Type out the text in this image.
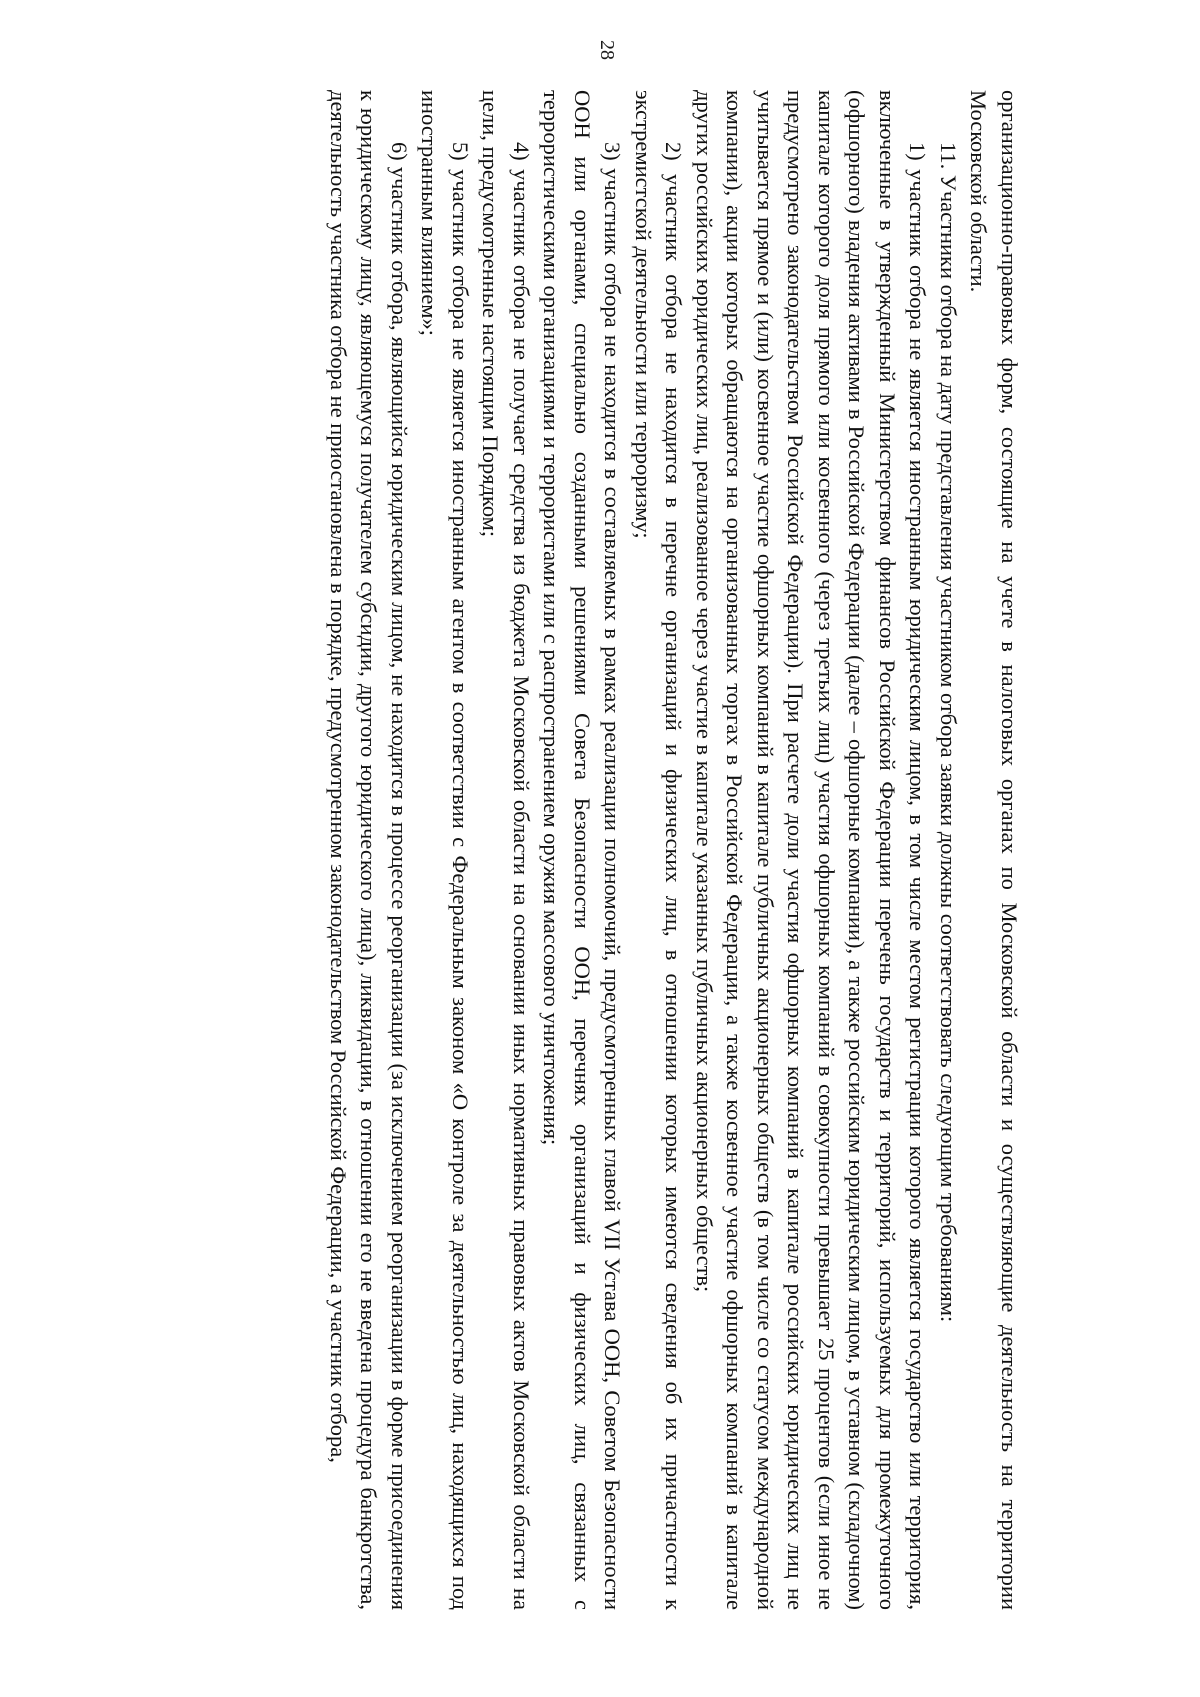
28

организационно-правовых форм, состоящие на учете в налоговых органах по Московской области и осуществляющие деятельность на территории Московской области.

11. Участники отбора на дату представления участником отбора заявки должны соответствовать следующим требованиям:

1) участник отбора не является иностранным юридическим лицом, в том числе местом регистрации которого является государство или территория, включенные в утвержденный Министерством финансов Российской Федерации перечень государств и территорий, используемых для промежуточного (офшорного) владения активами в Российской Федерации (далее – офшорные компании), а также российским юридическим лицом, в уставном (складочном) капитале которого доля прямого или косвенного (через третьих лиц) участия офшорных компаний в совокупности превышает 25 процентов (если иное не предусмотрено законодательством Российской Федерации). При расчете доли участия офшорных компаний в капитале российских юридических лиц не учитывается прямое и (или) косвенное участие офшорных компаний в капитале публичных акционерных обществ (в том числе со статусом международной компании), акции которых обращаются на организованных торгах в Российской Федерации, а также косвенное участие офшорных компаний в капитале других российских юридических лиц, реализованное через участие в капитале указанных публичных акционерных обществ;

2) участник отбора не находится в перечне организаций и физических лиц, в отношении которых имеются сведения об их причастности к экстремистской деятельности или терроризму;

3) участник отбора не находится в составляемых в рамках реализации полномочий, предусмотренных главой VII Устава ООН, Советом Безопасности ООН или органами, специально созданными решениями Совета Безопасности ООН, перечнях организаций и физических лиц, связанных с террористическими организациями и террористами или с распространением оружия массового уничтожения;

4) участник отбора не получает средства из бюджета Московской области на основании иных нормативных правовых актов Московской области на цели, предусмотренные настоящим Порядком;

5) участник отбора не является иностранным агентом в соответствии с Федеральным законом «О контроле за деятельностью лиц, находящихся под иностранным влиянием»;

6) участник отбора, являющийся юридическим лицом, не находится в процессе реорганизации (за исключением реорганизации в форме присоединения к юридическому лицу, являющемуся получателем субсидии, другого юридического лица), ликвидации, в отношении его не введена процедура банкротства, деятельность участника отбора не приостановлена в порядке, предусмотренном законодательством Российской Федерации, а участник отбора,
